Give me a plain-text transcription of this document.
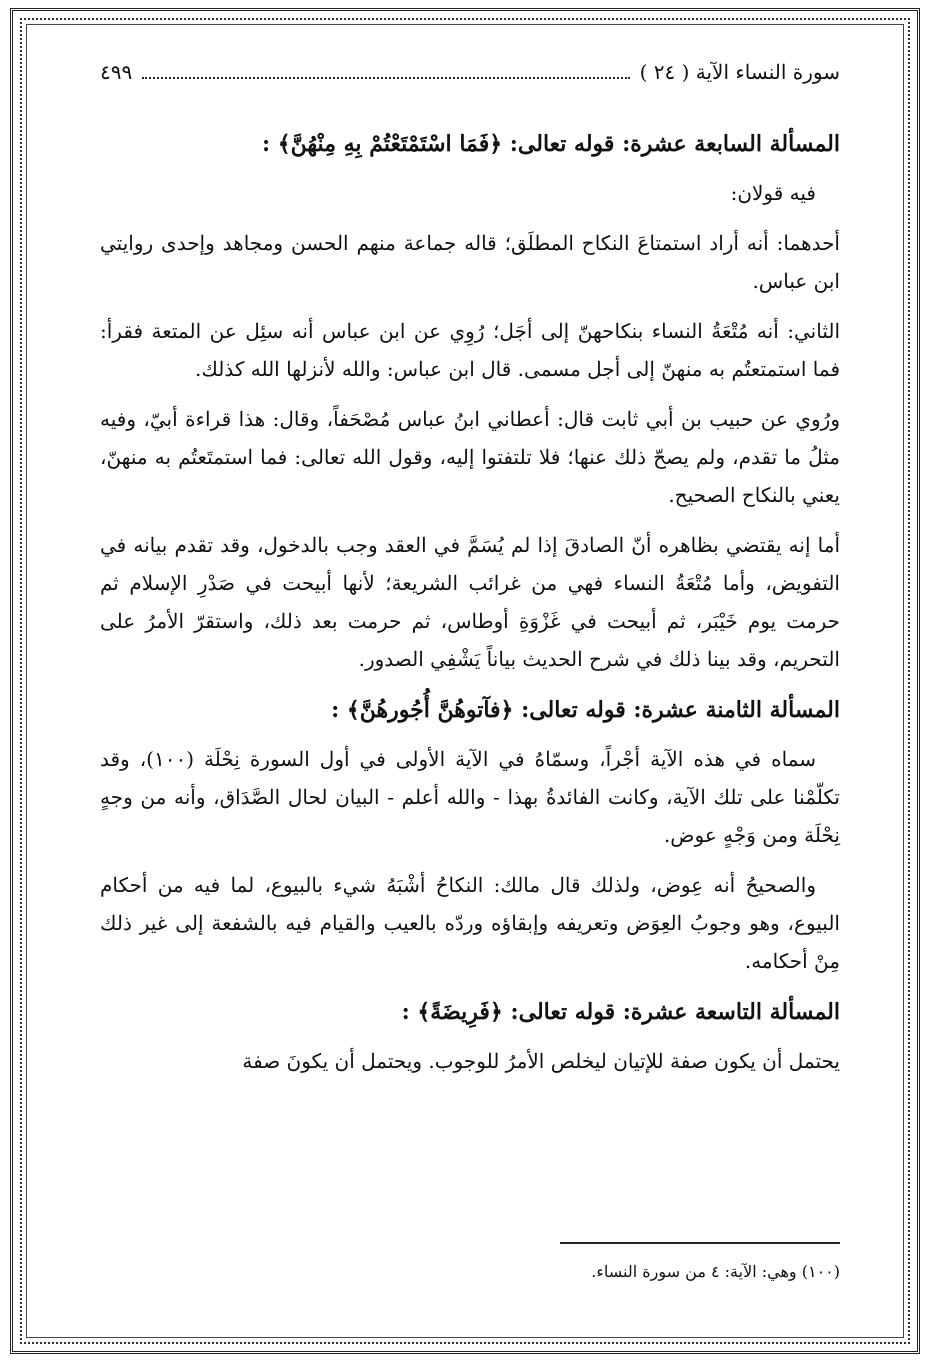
سورة النساء الآية ( ٢٤ )
٤٩٩
المسألة السابعة عشرة: قوله تعالى: ﴿فَمَا اسْتَمْتَعْتُمْ بِهِ مِنْهُنَّ﴾ :

فيه قولان:

أحدهما: أنه أراد استمتاعَ النكاح المطلَق؛ قاله جماعة منهم الحسن ومجاهد وإحدى روايتي ابن عباس.

الثاني: أنه مُتْعَةُ النساء بنكاحهنّ إلى أجَل؛ رُوِي عن ابن عباس أنه سئِل عن المتعة فقرأ: فما استمتعتُم به منهنّ إلى أجل مسمى. قال ابن عباس: والله لأنزلها الله كذلك.

ورُوي عن حبيب بن أبي ثابت قال: أعطاني ابنُ عباس مُصْحَفاً، وقال: هذا قراءة أبيّ، وفيه مثلُ ما تقدم، ولم يصحّ ذلك عنها؛ فلا تلتفتوا إليه، وقول الله تعالى: فما استمتَعتُم به منهنّ، يعني بالنكاح الصحيح.

أما إنه يقتضي بظاهره أنّ الصادقَ إذا لم يُسَمَّ في العقد وجب بالدخول، وقد تقدم بيانه في التفويض، وأما مُتْعَةُ النساء فهي من غرائب الشريعة؛ لأنها أبيحت في صَدْرِ الإسلام ثم حرمت يوم خَيْبَر، ثم أبيحت في غَزْوَةِ أوطاس، ثم حرمت بعد ذلك، واستقرّ الأمرُ على التحريم، وقد بينا ذلك في شرح الحديث بياناً يَشْفِي الصدور.

المسألة الثامنة عشرة: قوله تعالى: ﴿فآتوهُنَّ أُجُورهُنَّ﴾ :

سماه في هذه الآية أجْراً، وسمّاهُ في الآية الأولى في أول السورة نِحْلَة (١٠٠)، وقد تكلّمْنا على تلك الآية، وكانت الفائدةُ بهذا - والله أعلم - البيان لحال الصَّدَاق، وأنه من وجهٍ نِحْلَة ومن وَجْهٍ عوض.

والصحيحُ أنه عِوض، ولذلك قال مالك: النكاحُ أشْبَهُ شيء بالبيوع، لما فيه من أحكام البيوع، وهو وجوبُ العِوَض وتعريفه وإبقاؤه وردّه بالعيب والقيام فيه بالشفعة إلى غير ذلك مِنْ أحكامه.

المسألة التاسعة عشرة: قوله تعالى: ﴿فَرِيضَةً﴾ :

يحتمل أن يكون صفة للإتيان ليخلص الأمرُ للوجوب. ويحتمل أن يكونَ صفة

(١٠٠) وهي: الآية: ٤ من سورة النساء.
